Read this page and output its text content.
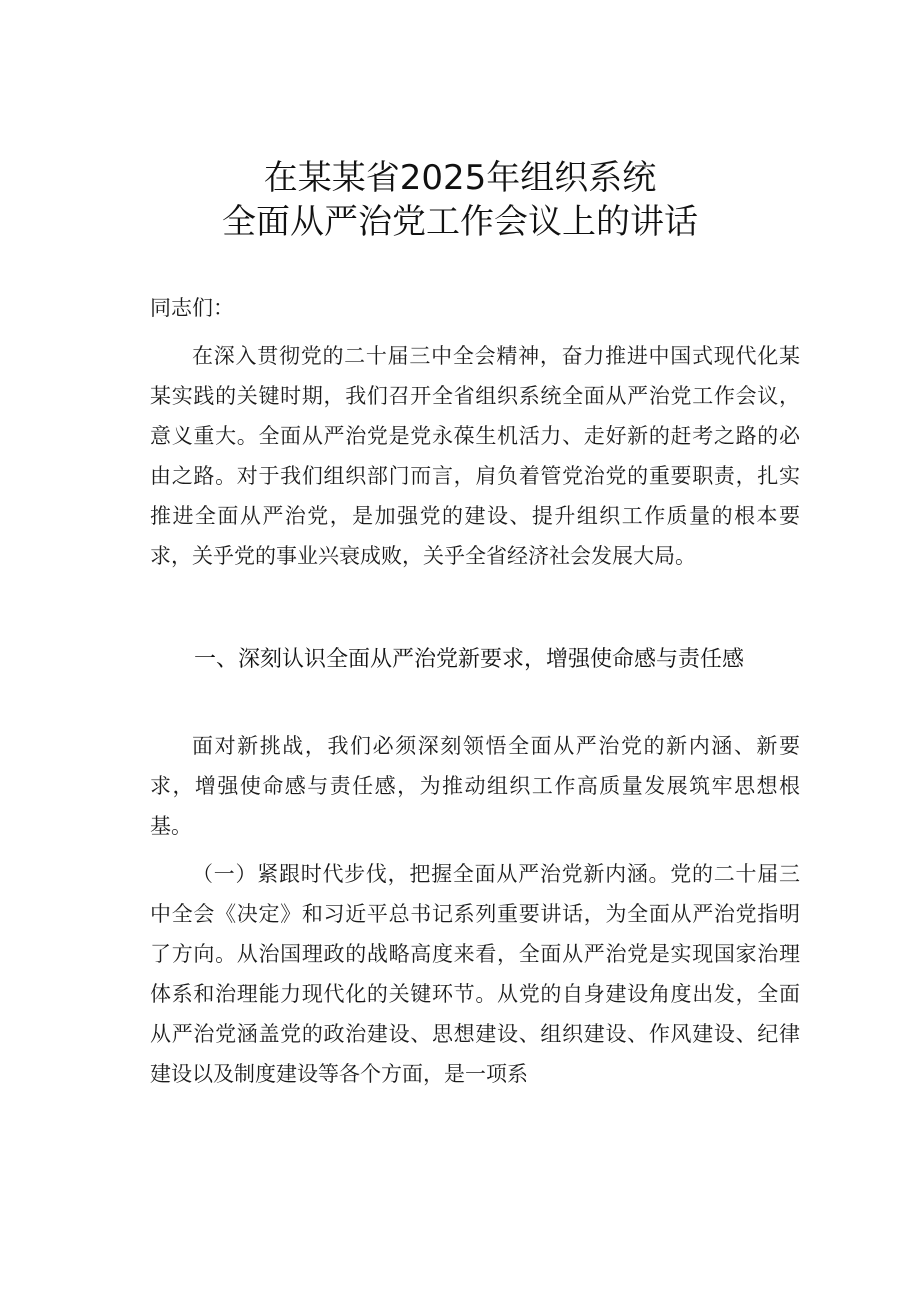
在某某省2025年组织系统
全面从严治党工作会议上的讲话
同志们：
在深入贯彻党的二十届三中全会精神，奋力推进中国式现代化某某实践的关键时期，我们召开全省组织系统全面从严治党工作会议，意义重大。全面从严治党是党永葆生机活力、走好新的赶考之路的必由之路。对于我们组织部门而言，肩负着管党治党的重要职责，扎实推进全面从严治党，是加强党的建设、提升组织工作质量的根本要求，关乎党的事业兴衰成败，关乎全省经济社会发展大局。
一、深刻认识全面从严治党新要求，增强使命感与责任感
面对新挑战，我们必须深刻领悟全面从严治党的新内涵、新要求，增强使命感与责任感，为推动组织工作高质量发展筑牢思想根基。
（一）紧跟时代步伐，把握全面从严治党新内涵。党的二十届三中全会《决定》和习近平总书记系列重要讲话，为全面从严治党指明了方向。从治国理政的战略高度来看，全面从严治党是实现国家治理体系和治理能力现代化的关键环节。从党的自身建设角度出发，全面从严治党涵盖党的政治建设、思想建设、组织建设、作风建设、纪律建设以及制度建设等各个方面，是一项系
